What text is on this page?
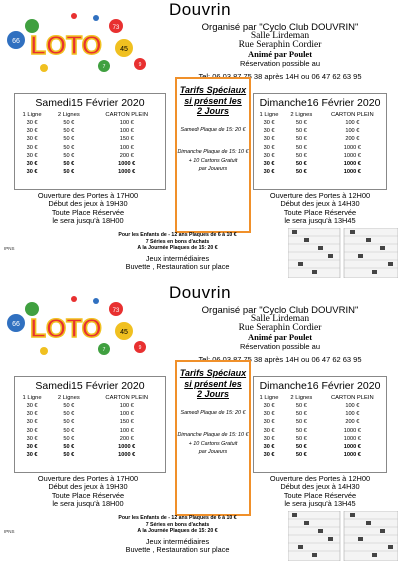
Douvrin
66
45
73
7	9
LOTO
Organisé par "Cyclo Club DOUVRIN"
Salle Lirdeman
Rue Seraphin Cordier
Animé par Poulet
Réservation possible au
Tel: 06 03 87 75 38 après 14H ou 06 47 62 63 95
Samedi15 Février 2020
1 Ligne	2 Lignes	CARTON PLEIN
30 €	50 €	100 €
30 €	50 €	100 €
30 €	50 €	150 €
30 €	50 €	100 €
30 €	50 €	200 €
30 €	50 €	1000 €
30 €	50 €	1000 €
Ouverture des Portes à 17H00
Début des jeux à 19H30
Toute Place Réservée
le sera jusqu'à 18H00
Tarifs Spéciaux
si présent les
2 Jours
Samedi Plaque de 15: 20 €
Dimanche Plaque de 15: 10 €
+ 10 Cartons Gratuit
par Joueurs
Dimanche16 Février 2020
1 Ligne	2 Lignes	CARTON PLEIN
30 €	50 €	100 €
30 €	50 €	100 €
30 €	50 €	200 €
30 €	50 €	1000 €
30 €	50 €	1000 €
30 €	50 €	1000 €
30 €	50 €	1000 €
Ouverture des Portes à 12H00
Début des jeux à 14H30
Toute Place Réservée
le sera jusqu'à 13H45
Pour les Enfants de - 12 ans Plaques de 6 à 10 €
7 Séries en bons d'achats
A la Journée Plaques de 15: 20 €
Jeux intermédiaires
Buvette , Restauration sur place
IPNS
Douvrin
66
45
73
7	9
LOTO
Organisé par "Cyclo Club DOUVRIN"
Salle Lirdeman
Rue Seraphin Cordier
Animé par Poulet
Réservation possible au
Tel: 06 03 87 75 38 après 14H ou 06 47 62 63 95
Samedi15 Février 2020
1 Ligne	2 Lignes	CARTON PLEIN
30 €	50 €	100 €
30 €	50 €	100 €
30 €	50 €	150 €
30 €	50 €	100 €
30 €	50 €	200 €
30 €	50 €	1000 €
30 €	50 €	1000 €
Ouverture des Portes à 17H00
Début des jeux à 19H30
Toute Place Réservée
le sera jusqu'à 18H00
Tarifs Spéciaux
si présent les
2 Jours
Samedi Plaque de 15: 20 €
Dimanche Plaque de 15: 10 €
+ 10 Cartons Gratuit
par Joueurs
Dimanche16 Février 2020
1 Ligne	2 Lignes	CARTON PLEIN
30 €	50 €	100 €
30 €	50 €	100 €
30 €	50 €	200 €
30 €	50 €	1000 €
30 €	50 €	1000 €
30 €	50 €	1000 €
30 €	50 €	1000 €
Ouverture des Portes à 12H00
Début des jeux à 14H30
Toute Place Réservée
le sera jusqu'à 13H45
Pour les Enfants de - 12 ans Plaques de 6 à 10 €
7 Séries en bons d'achats
A la Journée Plaques de 15: 20 €
Jeux intermédiaires
Buvette , Restauration sur place
IPNS
